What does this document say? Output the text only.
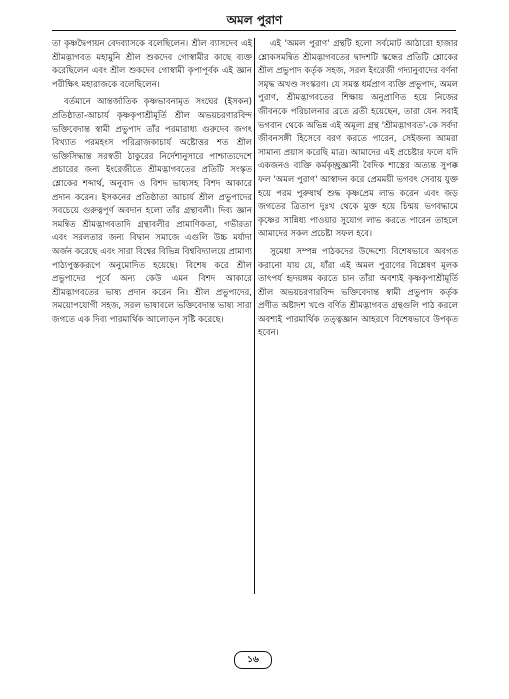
অমল পুরাণ

তা কৃষ্ণদ্বৈপায়ন বেদব্যাসকে বলেছিলেন। শ্রীল ব্যাসদেব এই শ্রীমদ্ভাগবত মহামুনি শ্রীল শুকদেব গোস্বামীর কাছে ব্যক্ত করেছিলেন এবং শ্রীল শুকদেব গোস্বামী কৃপাপূর্বক এই জ্ঞান পরীক্ষিৎ মহারাজকে বলেছিলেন।

বর্তমানে আন্তর্জাতিক কৃষ্ণভাবনামৃত সংঘের (ইসকন) প্রতিষ্ঠাতা-আচার্য কৃষ্ণকৃপাশ্রীমূর্তি শ্রীল অভয়চরণারবিন্দ ভক্তিবেদান্ত স্বামী প্রভুপাদ তাঁর পরমারাধ্য গুরুদেব জগৎ বিখ্যাত পরমহংস পরিব্রাজকাচার্য অষ্টোত্তর শত শ্রীল ভক্তিসিদ্ধান্ত সরস্বতী ঠাকুরের নির্দেশানুসারে পাশ্চাত্যদেশে প্রচারের জন্য ইংরেজীতে শ্রীমদ্ভাগবতের প্রতিটি সংস্কৃত শ্লোকের শব্দার্থ, অনুবাদ ও বিশদ ভাষ্যসহ বিশদ আকারে প্রদান করেন। ইসকনের প্রতিষ্ঠাতা আচার্য শ্রীল প্রভুপাদের সবচেয়ে গুরুত্বপূর্ণ অবদান হলো তাঁর গ্রন্থাবলী। দিব্য জ্ঞান সমন্বিত শ্রীমদ্ভাগবতাদি গ্রন্থাবলীর প্রামাণিকতা, গভীরতা এবং সরলতার জন্য বিদ্বান সমাজে এগুলি উচ্চ মর্যাদা অর্জন করেছে এবং সারা বিশ্বের বিভিন্ন বিশ্ববিদ্যালয়ে প্রামাণ্য পাঠ্যপুস্তকরূপে অনুমোদিত হয়েছে। বিশেষ করে শ্রীল প্রভুপাদের পূর্বে অন্য কেউ এমন বিশদ আকারে শ্রীমদ্ভাগবতের ভাষ্য প্রদান করেন নি। শ্রীল প্রভুপাদের, সময়োপযোগী সহজ, সরল ভাষাবলে ভক্তিবেদান্ত ভাষ্য সারা জগতে এক দিব্য পারমার্থিক আলোড়ন সৃষ্টি করেছে।

এই 'অমল পুরাণ' গ্রন্থটি হলো সর্বমোট আঠারো হাজার শ্লোকসমন্বিত শ্রীমদ্ভাগবতের দ্বাদশটি স্কন্ধের প্রতিটি শ্লোকের শ্রীল প্রভুপাদ কর্তৃক সহজ, সরল ইংরেজী গদ্যানুবাদের বর্ণনা সমৃদ্ধ অখণ্ড সংস্করণ। যে সমস্ত ধর্মপ্রাণ ব্যক্তি প্রভুপাদ, অমল পুরাণ, শ্রীমদ্ভাগবতের শিক্ষায় অনুপ্রাণিত হয়ে নিজের জীবনকে পরিচালনার ব্রতে ব্রতী হয়েছেন, তারা যেন সবাই ভগবান থেকে অভিন্ন এই অমূল্য গ্রন্থ 'শ্রীমদ্ভাগবত'-কে সর্বদা জীবনসঙ্গী হিসেবে বরণ করতে পারেন, সেইজন্য আমরা সামান্য প্রয়াস করেছি মাত্র। আমাদের এই প্রচেষ্টার ফলে যদি একজনও ব্যক্তি কর্মকৃচ্ছ্রজ্ঞানী বৈদিক শাস্ত্রের অত্যন্ত সুপক্ক ফল 'অমল পুরাণ' আস্বাদন করে প্রেমময়ী ভগবৎ সেবায় যুক্ত হয়ে পরম পুরুষার্থ শুদ্ধ কৃষ্ণপ্রেম লাভ করেন এবং জড় জগতের ত্রিতাপ দুঃখ থেকে মুক্ত হয়ে চিন্ময় ভগবদ্ধামে কৃষ্ণের সান্নিধ্য পাওয়ার সুযোগ লাভ করতে পারেন তাহলে আমাদের সকল প্রচেষ্টা সফল হবে।

সুমেধা সম্পন্ন পাঠকদের উদ্দেশ্যে বিশেষভাবে অবগত করানো যায় যে, যাঁরা এই অমল পুরাণের বিশ্লেষণ মূলক তাৎপর্য হৃদয়ঙ্গম করতে চান তাঁরা অবশ্যই কৃষ্ণকৃপাশ্রীমূর্তি শ্রীল অভয়চরণারবিন্দ ভক্তিবেদান্ত স্বামী প্রভুপাদ কর্তৃক প্রণীত অষ্টাদশ খণ্ডে বর্ণিত শ্রীমদ্ভাগবত গ্রন্থগুলি পাঠ করলে অবশ্যই পারমার্থিক তত্ত্বজ্ঞান আহরণে বিশেষভাবে উপকৃত হবেন।

১৬
